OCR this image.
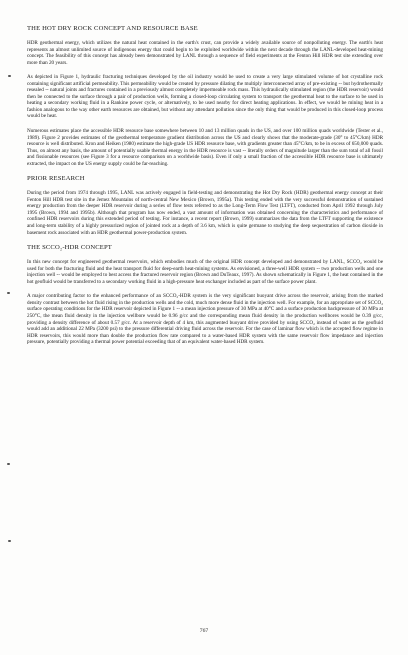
THE HOT DRY ROCK CONCEPT AND RESOURCE BASE

HDR geothermal energy, which utilizes the natural heat contained in the earth's crust, can provide a widely available source of nonpolluting energy. The earth's heat represents an almost unlimited source of indigenous energy that could begin to be exploited worldwide within the next decade through the LANL-developed heat-mining concept. The feasibility of this concept has already been demonstrated by LANL through a sequence of field experiments at the Fenton Hill HDR test site extending over more than 20 years.

As depicted in Figure 1, hydraulic fracturing techniques developed by the oil industry would be used to create a very large stimulated volume of hot crystalline rock containing significant artificial permeability. This permeability would be created by pressure dilating the multiply interconnected array of pre-existing -- but hydrothermally resealed -- natural joints and fractures contained in a previously almost completely impermeable rock mass. This hydraulically stimulated region (the HDR reservoir) would then be connected to the surface through a pair of production wells, forming a closed-loop circulating system to transport the geothermal heat to the surface to be used in heating a secondary working fluid in a Rankine power cycle, or alternatively, to be used nearby for direct heating applications. In effect, we would be mining heat in a fashion analogous to the way other earth resources are obtained, but without any attendant pollution since the only thing that would be produced in this closed-loop process would be heat.

Numerous estimates place the accessible HDR resource base somewhere between 10 and 13 million quads in the US, and over 100 million quads worldwide (Tester et al., 1989). Figure 2 provides estimates of the geothermal temperature gradient distribution across the US and clearly shows that the moderate-grade (30° to 45°C/km) HDR resource is well distributed. Kron and Heiken (1980) estimate the high-grade US HDR resource base, with gradients greater than 45°C/km, to be in excess of 650,000 quads. Thus, on almost any basis, the amount of potentially usable thermal energy in the HDR resource is vast -- literally orders of magnitude larger than the sum total of all fossil and fissionable resources (see Figure 3 for a resource comparison on a worldwide basis). Even if only a small fraction of the accessible HDR resource base is ultimately extracted, the impact on the US energy supply could be far-reaching.

PRIOR RESEARCH

During the period from 1974 through 1995, LANL was actively engaged in field-testing and demonstrating the Hot Dry Rock (HDR) geothermal energy concept at their Fenton Hill HDR test site in the Jemez Mountains of north-central New Mexico (Brown, 1995a). This testing ended with the very successful demonstration of sustained energy production from the deeper HDR reservoir during a series of flow tests referred to as the Long-Term Flow Test (LTFT), conducted from April 1992 through July 1995 (Brown, 1994 and 1995b). Although that program has now ended, a vast amount of information was obtained concerning the characteristics and performance of confined HDR reservoirs during this extended period of testing. For instance, a recent report (Brown, 1999) summarizes the data from the LTFT supporting the existence and long-term stability of a highly pressurized region of jointed rock at a depth of 3.6 km, which is quite germane to studying the deep sequestration of carbon dioxide in basement rock associated with an HDR geothermal power-production system.

THE SCCO₂-HDR CONCEPT

In this new concept for engineered geothermal reservoirs, which embodies much of the original HDR concept developed and demonstrated by LANL, SCCO₂ would be used for both the fracturing fluid and the heat transport fluid for deep-earth heat-mining systems. As envisioned, a three-well HDR system -- two production wells and one injection well -- would be employed to best access the fractured reservoir region (Brown and DuTeaux, 1997). As shown schematically in Figure 1, the heat contained in the hot geofluid would be transferred to a secondary working fluid in a high-pressure heat exchanger included as part of the surface power plant.

A major contributing factor to the enhanced performance of an SCCO₂-HDR system is the very significant buoyant drive across the reservoir, arising from the marked density contrast between the hot fluid rising in the production wells and the cold, much more dense fluid in the injection well. For example, for an appropriate set of SCCO₂ surface operating conditions for the HDR reservoir depicted in Figure 1 -- a mean injection pressure of 30 MPa at 40°C and a surface production backpressure of 30 MPa at 250°C, the mean fluid density in the injection wellbore would be 0.96 g/cc and the corresponding mean fluid density in the production wellbores would be 0.39 g/cc, providing a density difference of about 0.57 g/cc. At a reservoir depth of 4 km, this augmented buoyant drive provided by using SCCO₂ instead of water as the geofluid would add an additional 22 MPa (3200 psi) to the pressure differential driving fluid across the reservoir. For the case of laminar flow which is the accepted flow regime in HDR reservoirs, this would more than double the production flow rate compared to a water-based HDR system with the same reservoir flow impedance and injection pressure, potentially providing a thermal power potential exceeding that of an equivalent water-based HDR system.

767
